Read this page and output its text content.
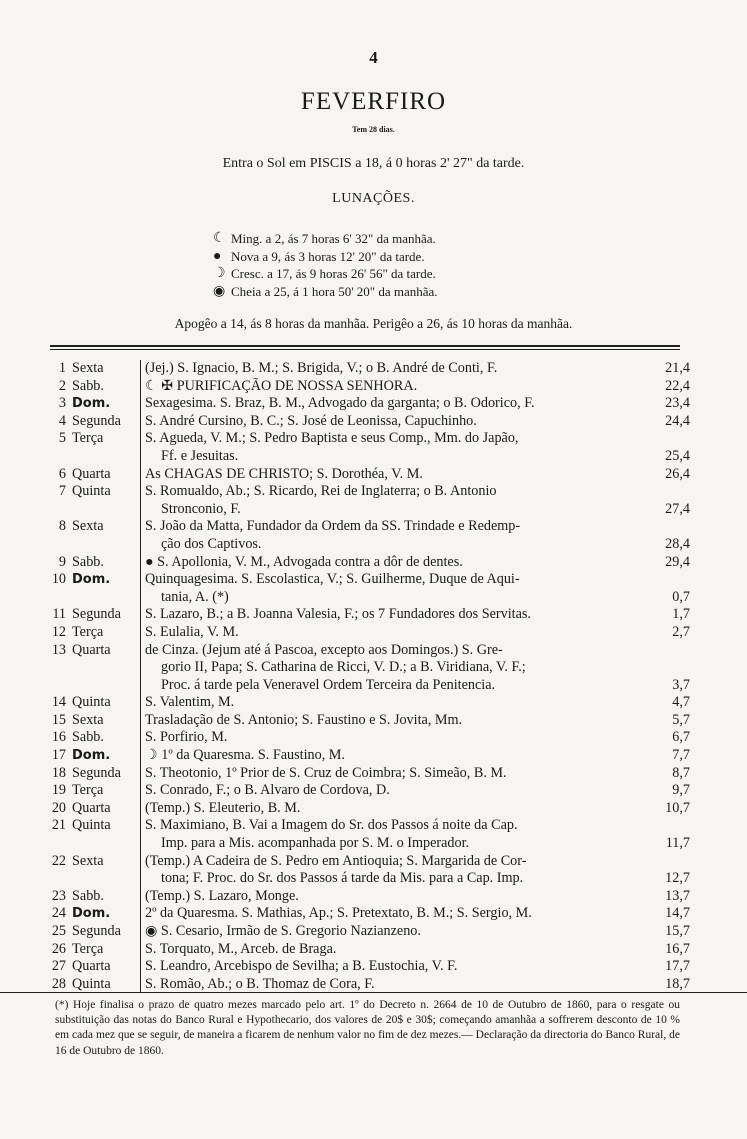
4
FEVERFIRO
Tem 28 dias.
Entra o Sol em PISCIS a 18, á 0 horas 2' 27" da tarde.
LUNAÇÕES.
☾ Ming. a 2, ás 7 horas 6' 32" da manhãa.
● Nova a 9, ás 3 horas 12' 20" da tarde.
☽ Cresc. a 17, ás 9 horas 26' 56" da tarde.
◉ Cheia a 25, á 1 hora 50' 20" da manhãa.
Apogêo a 14, ás 8 horas da manhãa. Perigêo a 26, ás 10 horas da manhãa.
1 Sexta	(Jej.) S. Ignacio, B. M.; S. Brigida, V.; o B. André de Conti, F.	21,4
2 Sabb.	☾ ✠ PURIFICAÇÃO DE NOSSA SENHORA.	22,4
3 Dom.	Sexagesima. S. Braz, B. M., Advogado da garganta; o B. Odorico, F.	23,4
4 Segunda	S. André Cursino, B. C.; S. José de Leonissa, Capuchinho.	24,4
5 Terça	S. Agueda, V. M.; S. Pedro Baptista e seus Comp., Mm. do Japão,
Ff. e Jesuitas.	25,4
6 Quarta	As CHAGAS DE CHRISTO; S. Dorothéa, V. M.	26,4
7 Quinta	S. Romualdo, Ab.; S. Ricardo, Rei de Inglaterra; o B. Antonio
Stronconio, F.	27,4
8 Sexta	S. João da Matta, Fundador da Ordem da SS. Trindade e Redemp-
ção dos Captivos.	28,4
9 Sabb.	● S. Apollonia, V. M., Advogada contra a dôr de dentes.	29,4
10 Dom.	Quinquagesima. S. Escolastica, V.; S. Guilherme, Duque de Aqui-
tania, A. (*)	0,7
11 Segunda	S. Lazaro, B.; a B. Joanna Valesia, F.; os 7 Fundadores dos Servitas.	1,7
12 Terça	S. Eulalia, V. M.	2,7
13 Quarta	de Cinza. (Jejum até á Pascoa, excepto aos Domingos.) S. Gre-
gorio II, Papa; S. Catharina de Ricci, V. D.; a B. Viridiana, V. F.;
Proc. á tarde pela Veneravel Ordem Terceira da Penitencia.	3,7
14 Quinta	S. Valentim, M.	4,7
15 Sexta	Trasladação de S. Antonio; S. Faustino e S. Jovita, Mm.	5,7
16 Sabb.	S. Porfirio, M.	6,7
17 Dom.	☽ 1º da Quaresma. S. Faustino, M.	7,7
18 Segunda	S. Theotonio, 1º Prior de S. Cruz de Coimbra; S. Simeão, B. M.	8,7
19 Terça	S. Conrado, F.; o B. Alvaro de Cordova, D.	9,7
20 Quarta	(Temp.) S. Eleuterio, B. M.	10,7
21 Quinta	S. Maximiano, B. Vai a Imagem do Sr. dos Passos á noite da Cap.
Imp. para a Mis. acompanhada por S. M. o Imperador.	11,7
22 Sexta	(Temp.) A Cadeira de S. Pedro em Antioquia; S. Margarida de Cor-
tona; F. Proc. do Sr. dos Passos á tarde da Mis. para a Cap. Imp.	12,7
23 Sabb.	(Temp.) S. Lazaro, Monge.	13,7
24 Dom.	2º da Quaresma. S. Mathias, Ap.; S. Pretextato, B. M.; S. Sergio, M.	14,7
25 Segunda	◉ S. Cesario, Irmão de S. Gregorio Nazianzeno.	15,7
26 Terça	S. Torquato, M., Arceb. de Braga.	16,7
27 Quarta	S. Leandro, Arcebispo de Sevilha; a B. Eustochia, V. F.	17,7
28 Quinta	S. Romão, Ab.; o B. Thomaz de Cora, F.	18,7
(*) Hoje finalisa o prazo de quatro mezes marcado pelo art. 1º do Decreto n. 2664 de 10 de Outubro de 1860, para o resgate ou substituição das notas do Banco Rural e Hypothecario, dos valores de 20$ e 30$; começando amanhãa a soffrerem desconto de 10 % em cada mez que se seguir, de maneira a ficarem de nenhum valor no fim de dez mezes.— Declaração da directoria do Banco Rural, de 16 de Outubro de 1860.
